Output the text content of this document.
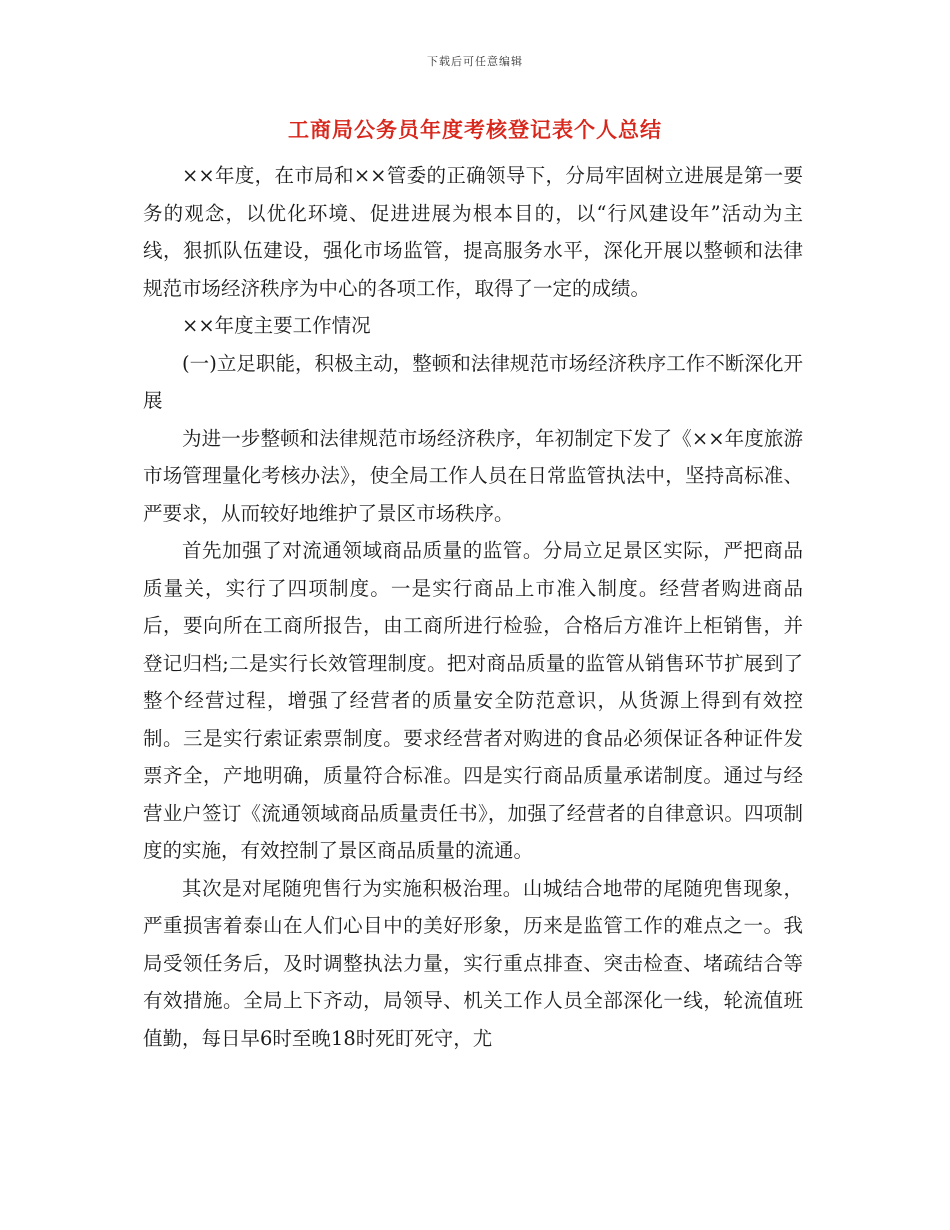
下载后可任意编辑
工商局公务员年度考核登记表个人总结

××年度，在市局和××管委的正确领导下，分局牢固树立进展是第一要务的观念，以优化环境、促进进展为根本目的，以“行风建设年”活动为主线，狠抓队伍建设，强化市场监管，提高服务水平，深化开展以整顿和法律规范市场经济秩序为中心的各项工作，取得了一定的成绩。

××年度主要工作情况

(一)立足职能，积极主动，整顿和法律规范市场经济秩序工作不断深化开展

为进一步整顿和法律规范市场经济秩序，年初制定下发了《××年度旅游市场管理量化考核办法》，使全局工作人员在日常监管执法中，坚持高标准、严要求，从而较好地维护了景区市场秩序。

首先加强了对流通领域商品质量的监管。分局立足景区实际，严把商品质量关，实行了四项制度。一是实行商品上市准入制度。经营者购进商品后，要向所在工商所报告，由工商所进行检验，合格后方准许上柜销售，并登记归档;二是实行长效管理制度。把对商品质量的监管从销售环节扩展到了整个经营过程，增强了经营者的质量安全防范意识，从货源上得到有效控制。三是实行索证索票制度。要求经营者对购进的食品必须保证各种证件发票齐全，产地明确，质量符合标准。四是实行商品质量承诺制度。通过与经营业户签订《流通领域商品质量责任书》，加强了经营者的自律意识。四项制度的实施，有效控制了景区商品质量的流通。

其次是对尾随兜售行为实施积极治理。山城结合地带的尾随兜售现象，严重损害着泰山在人们心目中的美好形象，历来是监管工作的难点之一。我局受领任务后，及时调整执法力量，实行重点排查、突击检查、堵疏结合等有效措施。全局上下齐动，局领导、机关工作人员全部深化一线，轮流值班值勤，每日早6时至晚18时死盯死守，尤
